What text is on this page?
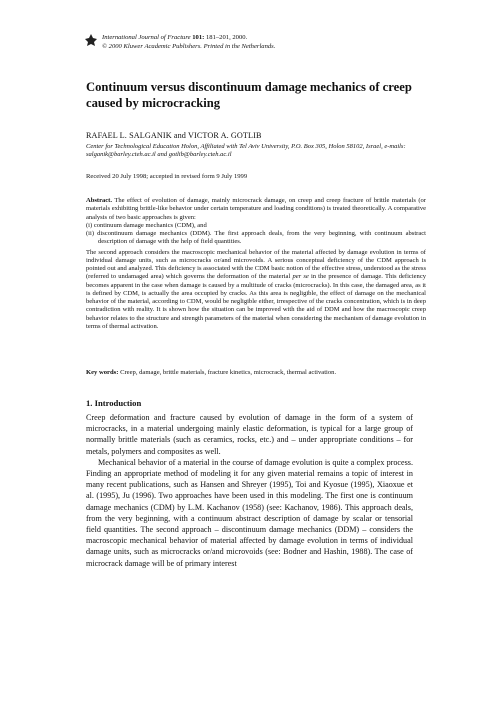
International Journal of Fracture 101: 181–201, 2000.
© 2000 Kluwer Academic Publishers. Printed in the Netherlands.
Continuum versus discontinuum damage mechanics of creep caused by microcracking
RAFAEL L. SALGANIK and VICTOR A. GOTLIB
Center for Technological Education Holon, Affiliated with Tel Aviv University, P.O. Box 305, Holon 58102, Israel, e-mails: salganik@barley.cteh.ac.il and gotlib@barley.cteh.ac.il
Received 20 July 1998; accepted in revised form 9 July 1999

Abstract. The effect of evolution of damage, mainly microcrack damage, on creep and creep fracture of brittle materials (or materials exhibiting brittle-like behavior under certain temperature and loading conditions) is treated theoretically. A comparative analysis of two basic approaches is given:

(i) continuum damage mechanics (CDM), and

(ii) discontinuum damage mechanics (DDM). The first approach deals, from the very beginning, with continuum abstract description of damage with the help of field quantities.

The second approach considers the macroscopic mechanical behavior of the material affected by damage evolution in terms of individual damage units, such as microcracks or/and microvoids. A serious conceptual deficiency of the CDM approach is pointed out and analyzed. This deficiency is associated with the CDM basic notion of the effective stress, understood as the stress (referred to undamaged area) which governs the deformation of the material per se in the presence of damage. This deficiency becomes apparent in the case when damage is caused by a multitude of cracks (microcracks). In this case, the damaged area, as it is defined by CDM, is actually the area occupied by cracks. As this area is negligible, the effect of damage on the mechanical behavior of the material, according to CDM, would be negligible either, irrespective of the cracks concentration, which is in deep contradiction with reality. It is shown how the situation can be improved with the aid of DDM and how the macroscopic creep behavior relates to the structure and strength parameters of the material when considering the mechanism of damage evolution in terms of thermal activation.

Key words: Creep, damage, brittle materials, fracture kinetics, microcrack, thermal activation.
1. Introduction

Creep deformation and fracture caused by evolution of damage in the form of a system of microcracks, in a material undergoing mainly elastic deformation, is typical for a large group of normally brittle materials (such as ceramics, rocks, etc.) and – under appropriate conditions – for metals, polymers and composites as well.

Mechanical behavior of a material in the course of damage evolution is quite a complex process. Finding an appropriate method of modeling it for any given material remains a topic of interest in many recent publications, such as Hansen and Shreyer (1995), Toi and Kyosue (1995), Xiaoxue et al. (1995), Ju (1996). Two approaches have been used in this modeling. The first one is continuum damage mechanics (CDM) by L.M. Kachanov (1958) (see: Kachanov, 1986). This approach deals, from the very beginning, with a continuum abstract description of damage by scalar or tensorial field quantities. The second approach – discontinuum damage mechanics (DDM) – considers the macroscopic mechanical behavior of material affected by damage evolution in terms of individual damage units, such as microcracks or/and microvoids (see: Bodner and Hashin, 1988). The case of microcrack damage will be of primary interest
